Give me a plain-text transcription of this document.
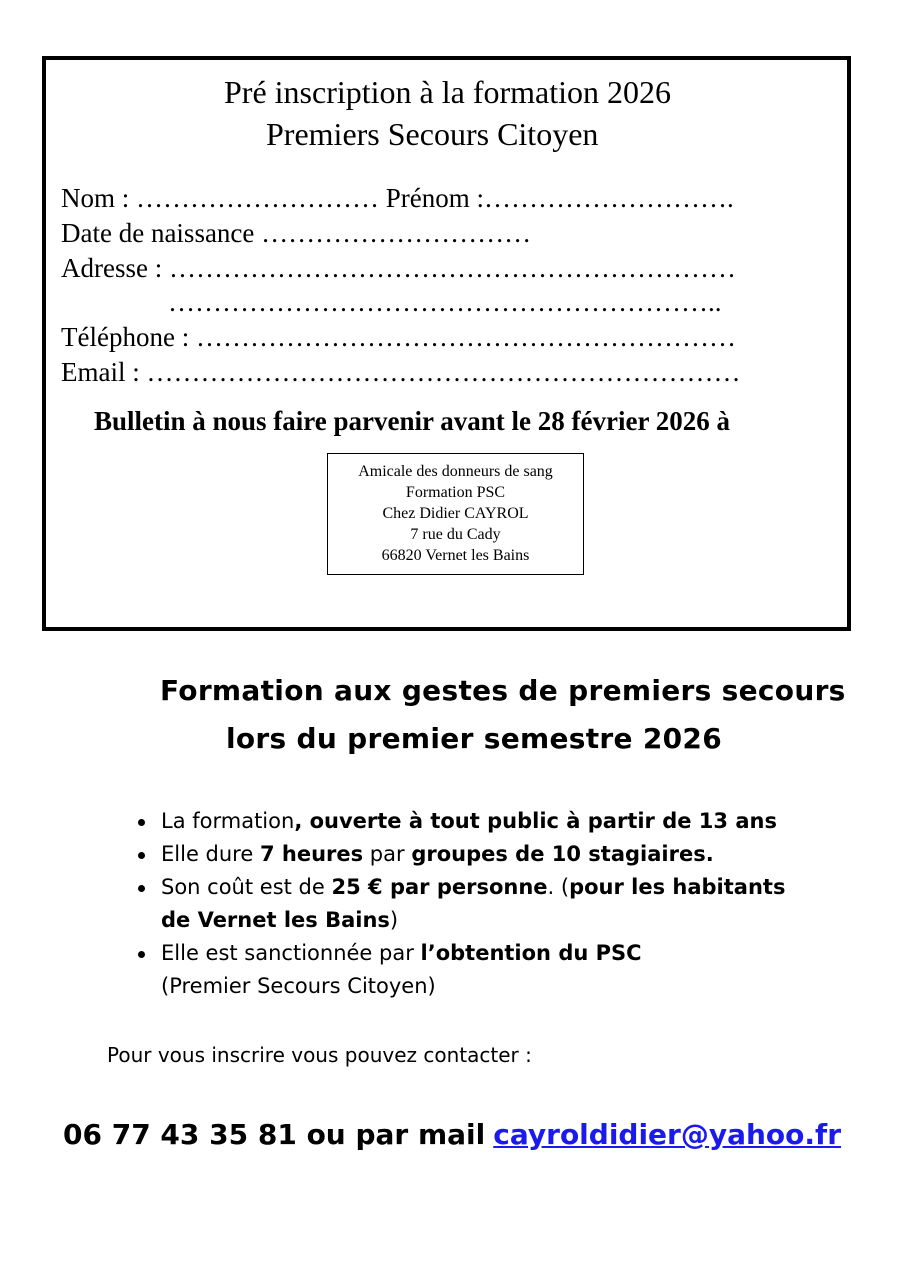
Pré inscription à la formation 2026
Premiers Secours Citoyen
Nom : ……………………… Prénom :……………………….
Date de naissance …………………………
Adresse : ………………………………………………………
……………………………………………………..
Téléphone : ……………………………………………………
Email : …………………………………………………………
Bulletin à nous faire parvenir avant le 28 février 2026 à
Amicale des donneurs de sang
Formation PSC
Chez Didier CAYROL
7 rue du Cady
66820 Vernet les Bains
Formation aux gestes de premiers secours
lors du premier semestre 2026
La formation, ouverte à tout public à partir de 13 ans
Elle dure 7 heures par groupes de 10 stagiaires.
Son coût est de 25 € par personne. (pour les habitants
de Vernet les Bains)
Elle est sanctionnée par l’obtention du PSC
(Premier Secours Citoyen)
Pour vous inscrire vous pouvez contacter :
06 77 43 35 81 ou par mail cayroldidier@yahoo.fr
